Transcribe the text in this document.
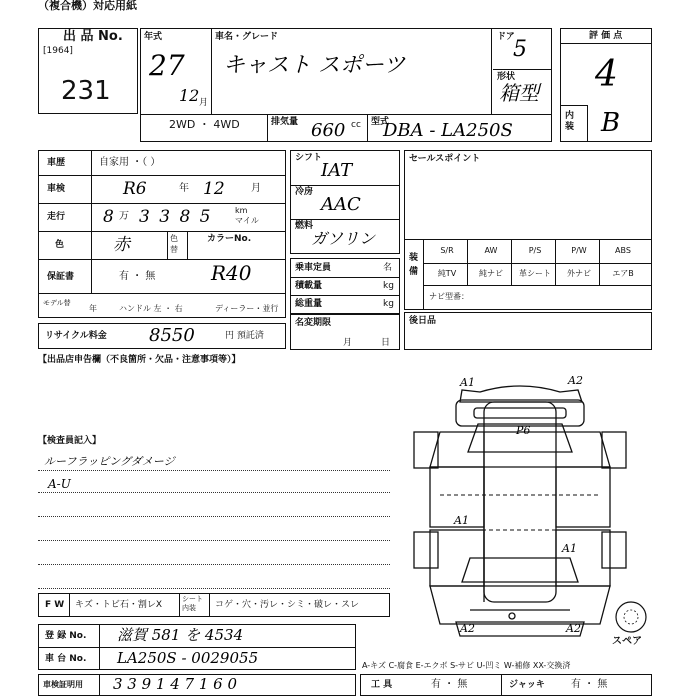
（複合機）対応用紙
出 品 No.
[1964]
231
年式
27
12 月
車名・グレード
キャスト スポーツ
ドア
5
形状
箱型
2WD ・ 4WD	排気量 660 cc 型式
DBA - LA250S
評 価 点
4
内装 B
車歴	自家用 ・（ ）
車検	R6	年 12	月
走行 8 万 3 3 8 5	km
マイル
色	赤	色替
カラーNo.
保証書	有 ・ 無	R40
モデル替
年	ハンドル 左 ・ 右	ディーラー・並行
リサイクル料金 8550	円 預託済
シフト
IAT
冷房
AAC
燃料
ガソリン
乗車定員	名
積載量	kg
総重量	kg
名変期限
月	日
セールスポイント
装備
S/R	AW	P/S	P/W	ABS
純TV	純ナビ	革シート	外ナビ	エアB
ナビ型番：
後日品
【出品店申告欄（不良箇所・欠品・注意事項等）】
【検査員記入】
ルーフラッピングダメージ
A-U
A1	A2
P6
A1
A1
A2	A2
スペア
F W キズ・トビ石・割レX
シート 内装	コゲ・穴・汚レ・シミ・破レ・スレ
登 録 No. 滋賀 581 を 4534
車 台 No. LA250S - 0029055
車検証明用 3 3 9 1 4 7 1 6 0
A-キズ C-腐食 E-エクボ S-サビ U-凹ミ W-補修 XX-交換済
工 具	有 ・ 無	ジャッキ	有 ・ 無
